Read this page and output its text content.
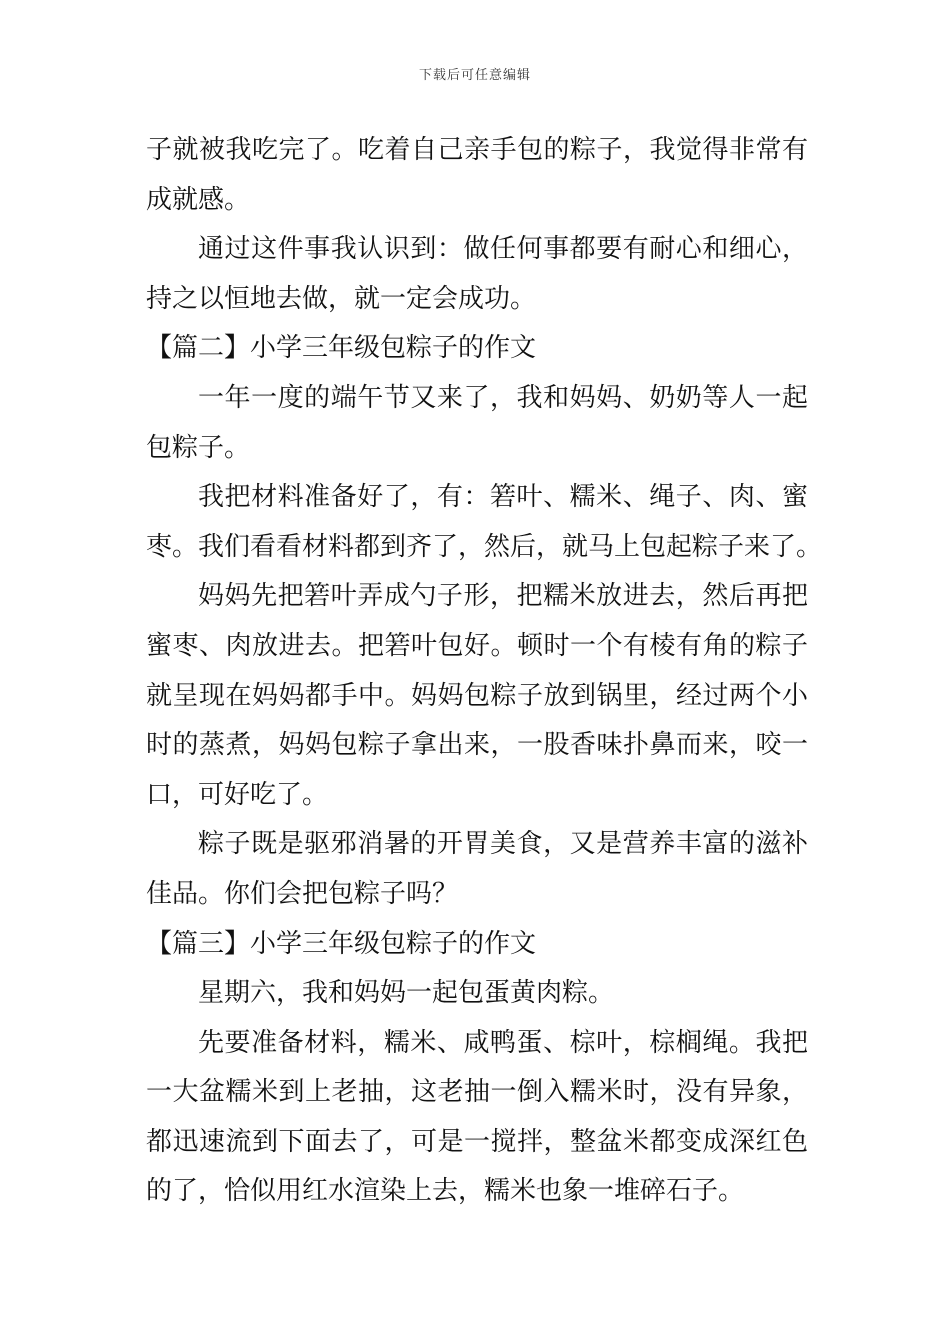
下载后可任意编辑
子就被我吃完了。吃着自己亲手包的粽子，我觉得非常有
成就感。
通过这件事我认识到：做任何事都要有耐心和细心，
持之以恒地去做，就一定会成功。
【篇二】小学三年级包粽子的作文
一年一度的端午节又来了，我和妈妈、奶奶等人一起
包粽子。
我把材料准备好了，有：箬叶、糯米、绳子、肉、蜜
枣。我们看看材料都到齐了，然后，就马上包起粽子来了。
妈妈先把箬叶弄成勺子形，把糯米放进去，然后再把
蜜枣、肉放进去。把箬叶包好。顿时一个有棱有角的粽子
就呈现在妈妈都手中。妈妈包粽子放到锅里，经过两个小
时的蒸煮，妈妈包粽子拿出来，一股香味扑鼻而来，咬一
口，可好吃了。
粽子既是驱邪消暑的开胃美食，又是营养丰富的滋补
佳品。你们会把包粽子吗？
【篇三】小学三年级包粽子的作文
星期六，我和妈妈一起包蛋黄肉粽。
先要准备材料，糯米、咸鸭蛋、棕叶，棕榈绳。我把
一大盆糯米到上老抽，这老抽一倒入糯米时，没有异象，
都迅速流到下面去了，可是一搅拌，整盆米都变成深红色
的了，恰似用红水渲染上去，糯米也象一堆碎石子。
